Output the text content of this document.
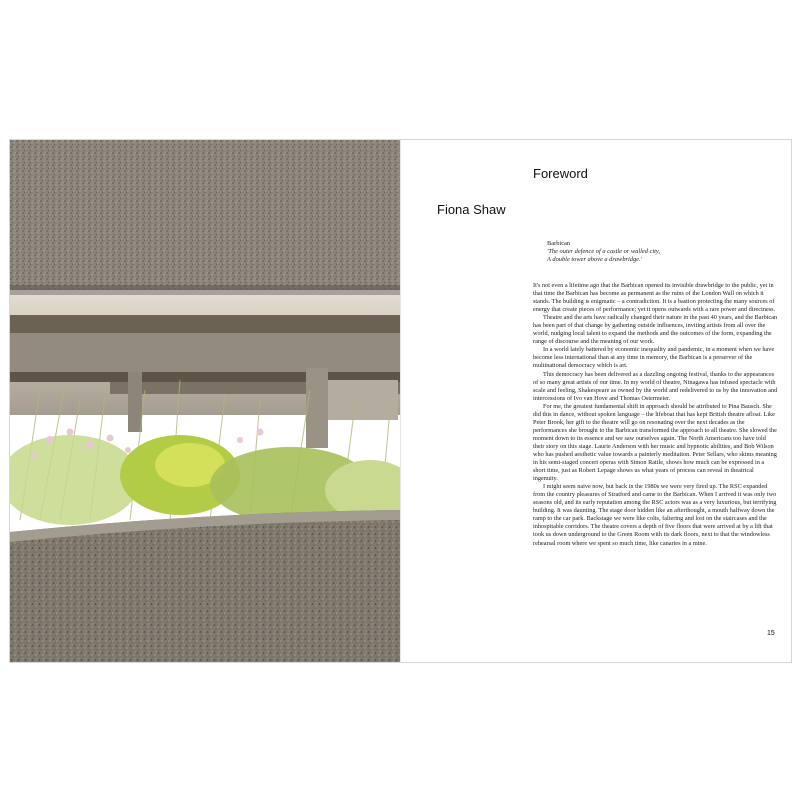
Foreword
Fiona Shaw
Barbican
'The outer defence of a castle or walled city,
A double tower above a drawbridge.'

It's not even a lifetime ago that the Barbican opened its invisible drawbridge to the public, yet in that time the Barbican has become as permanent as the ruins of the London Wall on which it stands. The building is enigmatic – a contradiction. It is a bastion protecting the many sources of energy that create pieces of performance; yet it opens outwards with a rare power and directness.

Theatre and the arts have radically changed their nature in the past 40 years, and the Barbican has been part of that change by gathering outside influences, inviting artists from all over the world, nudging local talent to expand the methods and the outcomes of the form, expanding the range of discourse and the meaning of our work.

In a world lately battered by economic inequality and pandemic, in a moment when we have become less international than at any time in memory, the Barbican is a preserver of the multinational democracy which is art.

This democracy has been delivered as a dazzling ongoing festival, thanks to the appearances of so many great artists of our time. In my world of theatre, Ninagawa has infused spectacle with scale and feeling, Shakespeare as owned by the world and redelivered to us by the innovation and intercessions of Ivo van Hove and Thomas Ostermeier.

For me, the greatest fundamental shift in approach should be attributed to Pina Bausch. She did this in dance, without spoken language – the lifeboat that has kept British theatre afloat. Like Peter Brook, her gift to the theatre will go on resonating over the next decades as the performances she brought to the Barbican transformed the approach to all theatre. She slowed the moment down to its essence and we saw ourselves again. The North Americans too have told their story on this stage. Laurie Anderson with her music and hypnotic abilities, and Bob Wilson who has pushed aesthetic value towards a painterly meditation. Peter Sellars, who skims meaning in his semi-staged concert operas with Simon Rattle, shows how much can be expressed in a short time, just as Robert Lepage shows us what years of process can reveal in theatrical ingenuity.

I might seem naive now, but back in the 1980s we were very fired up. The RSC expanded from the country pleasures of Stratford and came to the Barbican. When I arrived it was only two seasons old, and its early reputation among the RSC actors was as a very luxurious, but terrifying building. It was daunting. The stage door hidden like an afterthought, a mouth halfway down the ramp to the car park. Backstage we were like colts, faltering and lost on the staircases and the inhospitable corridors. The theatre covers a depth of five floors that were arrived at by a lift that took us down underground to the Green Room with its dark floors, next to that the windowless rehearsal room where we spent so much time, like canaries in a mine.

15
